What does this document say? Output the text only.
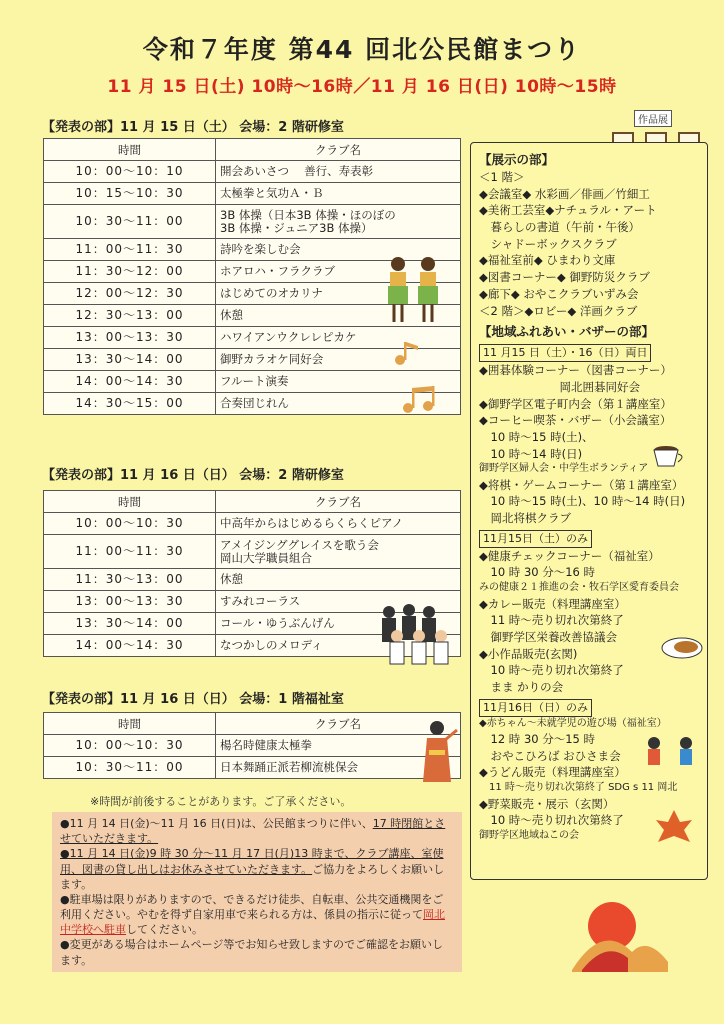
令和７年度 第44 回北公民館まつり
11 月 15 日(土) 10時〜16時／11 月 16 日(日) 10時〜15時
【発表の部】11 月 15 日（土） 会場：2 階研修室
時間	クラブ名
10：00〜10：10	開会あいさつ　 善行、寿表彰
10：15〜10：30	太極拳と気功Ａ・Ｂ
10：30〜11：00	3B 体操（日本3B 体操・ほのぼの
3B 体操・ジュニア3B 体操）

11：00〜11：30	詩吟を楽しむ会
11：30〜12：00	ホアロハ・フラクラブ
12：00〜12：30	はじめてのオカリナ
12：30〜13：00	休憩
13：00〜13：30	ハワイアンウクレレピカケ
13：30〜14：00	御野カラオケ同好会
14：00〜14：30	フルート演奏
14：30〜15：00	合奏団じれん
【発表の部】11 月 16 日（日） 会場：2 階研修室
時間	クラブ名
10：00〜10：30	中高年からはじめるらくらくピアノ
11：00〜11：30	アメイジンググレイスを歌う会
岡山大学職員組合

11：30〜13：00	休憩
13：00〜13：30	すみれコーラス
13：30〜14：00	コール・ゆうぶんげん
14：00〜14：30	なつかしのメロディ
【発表の部】11 月 16 日（日） 会場：1 階福祉室
時間	クラブ名
10：00〜10：30	楊名時健康太極拳
10：30〜11：00	日本舞踊正派若柳流桃保会
※時間が前後することがあります。ご了承ください。

●11 月 14 日(金)〜11 月 16 日(日)は、公民館まつりに伴い、17 時閉館とさせていただきます。

●11 月 14 日(金)9 時 30 分〜11 月 17 日(月)13 時まで、クラブ講座、室使用、図書の貸し出しはお休みさせていただきます。ご協力をよろしくお願いします。

●駐車場は限りがありますので、できるだけ徒歩、自転車、公共交通機関をご利用ください。やむを得ず自家用車で来られる方は、係員の指示に従って岡北中学校へ駐車してください。

●変更がある場合はホームページ等でお知らせ致しますのでご確認をお願いします。

作品展
【展示の部】
＜1 階＞
◆会議室◆ 水彩画／俳画／竹細工
◆美術工芸室◆ナチュラル・アート
　暮らしの書道（午前・午後）
　シャドーボックスクラブ
◆福祉室前◆ ひまわり文庫
◆図書コーナー◆ 御野防災クラブ
◆廊下◆ おやこクラブいずみ会
＜2 階＞◆ロビー◆ 洋画クラブ
【地域ふれあい・バザーの部】
11 月15 日（土）・16（日）両日
◆囲碁体験コーナー（図書コーナー）
　　　　　　　岡北囲碁同好会
◆御野学区電子町内会（第１講座室）
◆コーヒー喫茶・バザー（小会議室）
　10 時〜15 時(土)、
　10 時〜14 時(日)
御野学区婦人会・中学生ボランティア
◆将棋・ゲームコーナー（第１講座室）
　10 時〜15 時(土)、10 時〜14 時(日)
　岡北将棋クラブ
11月15日（土）のみ
◆健康チェックコーナー（福祉室）
　10 時 30 分〜16 時
みの健康２１推進の会・牧石学区愛育委員会
◆カレー販売（料理講座室）
　11 時〜売り切れ次第終了
　御野学区栄養改善協議会
◆小作品販売(玄関)
　10 時〜売り切れ次第終了
　まま かりの会
11月16日（日）のみ
◆赤ちゃん〜未就学児の遊び場（福祉室）
　12 時 30 分〜15 時
　おやこひろば おひさま会
◆うどん販売（料理講座室）
　11 時〜売り切れ次第終了 SDG s 11 岡北
◆野菜販売・展示（玄関）
　10 時〜売り切れ次第終了
御野学区地域ねこの会
